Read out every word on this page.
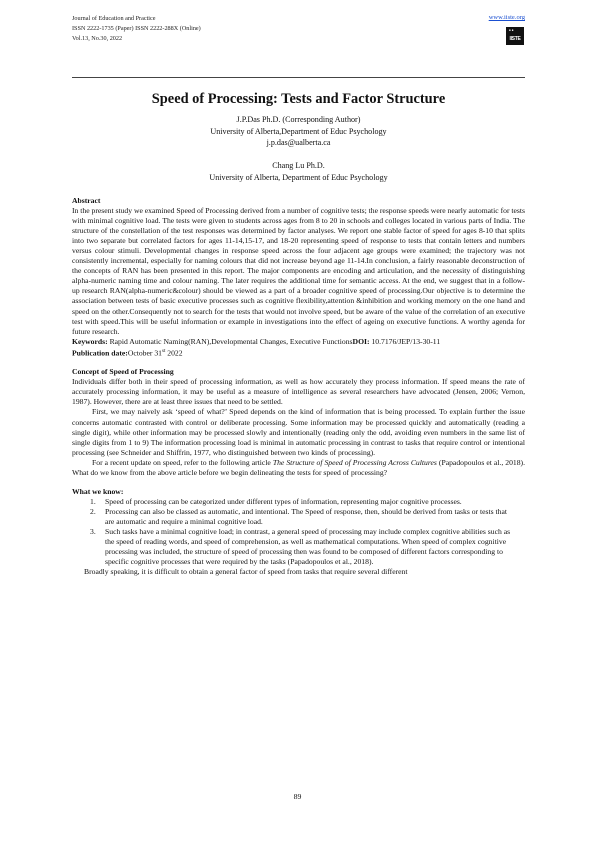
Journal of Education and Practice
ISSN 2222-1735 (Paper) ISSN 2222-288X (Online)
Vol.13, No.30, 2022
www.iiste.org
••
IISTE
Speed of Processing: Tests and Factor Structure
J.P.Das Ph.D. (Corresponding Author)
University of Alberta,Department of Educ Psychology
j.p.das@ualberta.ca
Chang Lu Ph.D.
University of Alberta, Department of Educ Psychology

Abstract

In the present study we examined Speed of Processing derived from a number of cognitive tests; the response speeds were nearly automatic for tests with minimal cognitive load. The tests were given to students across ages from 8 to 20 in schools and colleges located in various parts of India. The structure of the constellation of the test responses was determined by factor analyses. We report one stable factor of speed for ages 8-10 that splits into two separate but correlated factors for ages 11-14,15-17, and 18-20 representing speed of response to tests that contain letters and numbers versus colour stimuli. Developmental changes in response speed across the four adjacent age groups were examined; the trajectory was not consistently incremental, especially for naming colours that did not increase beyond age 11-14.In conclusion, a fairly reasonable deconstruction of the concepts of RAN has been presented in this report. The major components are encoding and articulation, and the necessity of distinguishing alpha-numeric naming time and colour naming. The later requires the additional time for semantic access. At the end, we suggest that in a follow-up research RAN(alpha-numeric&colour) should be viewed as a part of a broader cognitive speed of processing.Our objective is to determine the association between tests of basic executive processes such as cognitive flexibility,attention &inhibition and working memory on the one hand and speed on the other.Consequently not to search for the tests that would not involve speed, but be aware of the value of the correlation of an executive test with speed.This will be useful information or example in investigations into the effect of ageing on executive functions. A worthy agenda for future research.

Keywords: Rapid Automatic Naming(RAN),Developmental Changes, Executive FunctionsDOI: 10.7176/JEP/13-30-11

Publication date:October 31st 2022

Concept of Speed of Processing

Individuals differ both in their speed of processing information, as well as how accurately they process information. If speed means the rate of accurately processing information, it may be useful as a measure of intelligence as several researchers have advocated (Jensen, 2006; Vernon, 1987). However, there are at least three issues that need to be settled.

First, we may naively ask ‘speed of what?’ Speed depends on the kind of information that is being processed. To explain further the issue concerns automatic contrasted with control or deliberate processing. Some information may be processed quickly and automatically (reading a single digit), while other information may be processed slowly and intentionally (reading only the odd, avoiding even numbers in the same list of single digits from 1 to 9) The information processing load is minimal in automatic processing in contrast to tasks that require control or intentional processing (see Schneider and Shiffrin, 1977, who distinguished between two kinds of processing).

For a recent update on speed, refer to the following article The Structure of Speed of Processing Across Cultures (Papadopoulos et al., 2018). What do we know from the above article before we begin delineating the tests for speed of processing?

What we know:

1. Speed of processing can be categorized under different types of information, representing major cognitive processes.
2. Processing can also be classed as automatic, and intentional. The Speed of response, then, should be derived from tasks or tests that are automatic and require a minimal cognitive load.
3. Such tasks have a minimal cognitive load; in contrast, a general speed of processing may include complex cognitive abilities such as the speed of reading words, and speed of comprehension, as well as mathematical computations. When speed of complex cognitive processing was included, the structure of speed of processing then was found to be composed of different factors corresponding to specific cognitive processes that were required by the tasks (Papadopoulos et al., 2018).

Broadly speaking, it is difficult to obtain a general factor of speed from tasks that require several different

89
